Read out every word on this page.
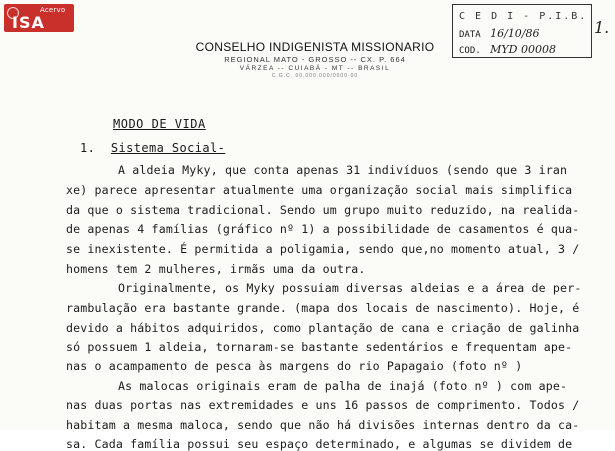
Acervo
ISA	C E D I - P.I.B.
DATA 16/10/86
COD. MYD 00008
1.
CONSELHO INDIGENISTA MISSIONARIO
REGIONAL MATO - GROSSO -- CX. P. 664
VÁRZEA -- CUIABÁ - MT -- BRASIL
C.G.C. 00.000.000/0000-00
MODO DE VIDA
1. Sistema Social-
A aldeia Myky, que conta apenas 31 indivíduos (sendo que 3 iran
xe) parece apresentar atualmente uma organização social mais simplifica
da que o sistema tradicional. Sendo um grupo muito reduzido, na realida-
de apenas 4 famílias (gráfico nº 1) a possibilidade de casamentos é qua-
se inexistente. É permitida a poligamia, sendo que,no momento atual, 3 /
homens tem 2 mulheres, irmãs uma da outra.
Originalmente, os Myky possuiam diversas aldeias e a área de per-
rambulação era bastante grande. (mapa dos locais de nascimento). Hoje, é
devido a hábitos adquiridos, como plantação de cana e criação de galinha
só possuem 1 aldeia, tornaram-se bastante sedentários e frequentam ape-
nas o acampamento de pesca às margens do rio Papagaio (foto nº )
As malocas originais eram de palha de inajá (foto nº ) com ape-
nas duas portas nas extremidades e uns 16 passos de comprimento. Todos /
habitam a mesma maloca, sendo que não há divisões internas dentro da ca-
sa. Cada família possui seu espaço determinado, e algumas se dividem de
